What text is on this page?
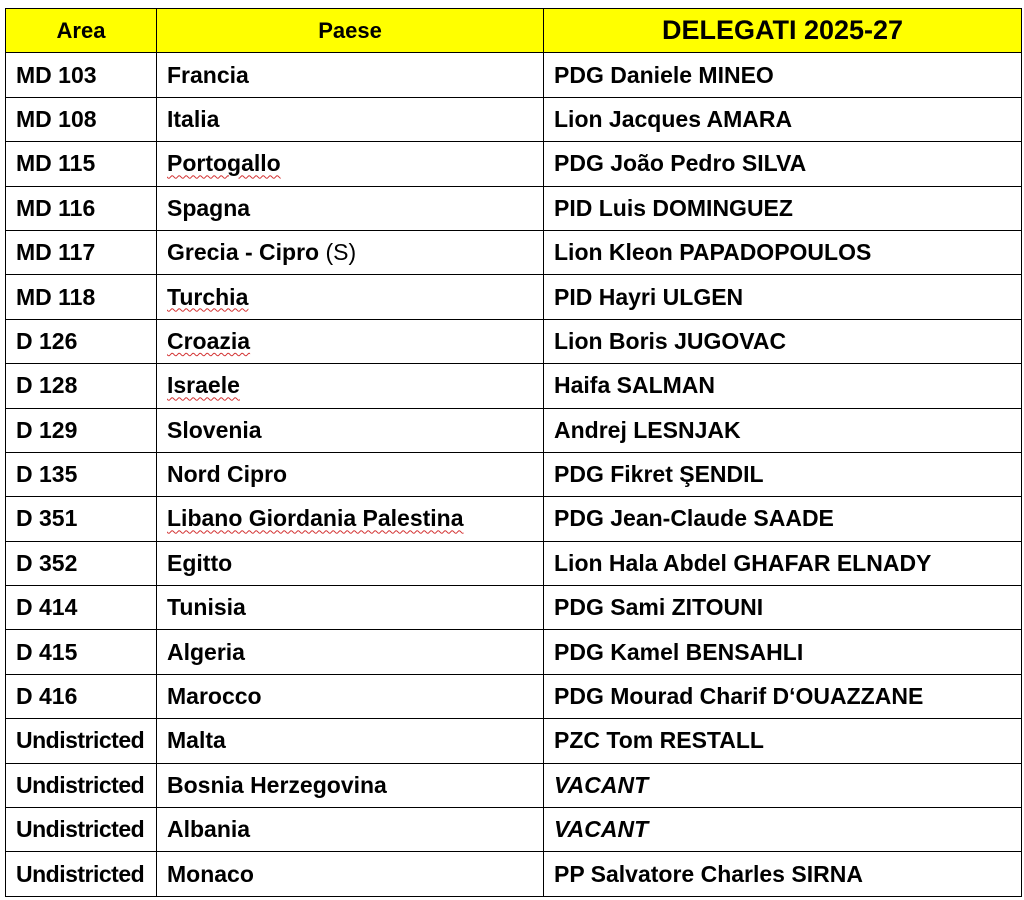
Area	Paese	DELEGATI 2025-27
MD 103	Francia	PDG Daniele MINEO
MD 108	Italia	Lion Jacques AMARA
MD 115	Portogallo	PDG João Pedro SILVA
MD 116	Spagna	PID Luis DOMINGUEZ
MD 117	Grecia - Cipro (S)	Lion Kleon PAPADOPOULOS
MD 118	Turchia	PID Hayri ULGEN
D 126	Croazia	Lion Boris JUGOVAC
D 128	Israele	Haifa SALMAN
D 129	Slovenia	Andrej LESNJAK
D 135	Nord Cipro	PDG Fikret ŞENDIL
D 351	Libano Giordania Palestina	PDG Jean-Claude SAADE
D 352	Egitto	Lion Hala Abdel GHAFAR ELNADY
D 414	Tunisia	PDG Sami ZITOUNI
D 415	Algeria	PDG Kamel BENSAHLI
D 416	Marocco	PDG Mourad Charif D‘OUAZZANE
Undistricted	Malta	PZC Tom RESTALL
Undistricted	Bosnia Herzegovina	VACANT
Undistricted	Albania	VACANT
Undistricted	Monaco	PP Salvatore Charles SIRNA
